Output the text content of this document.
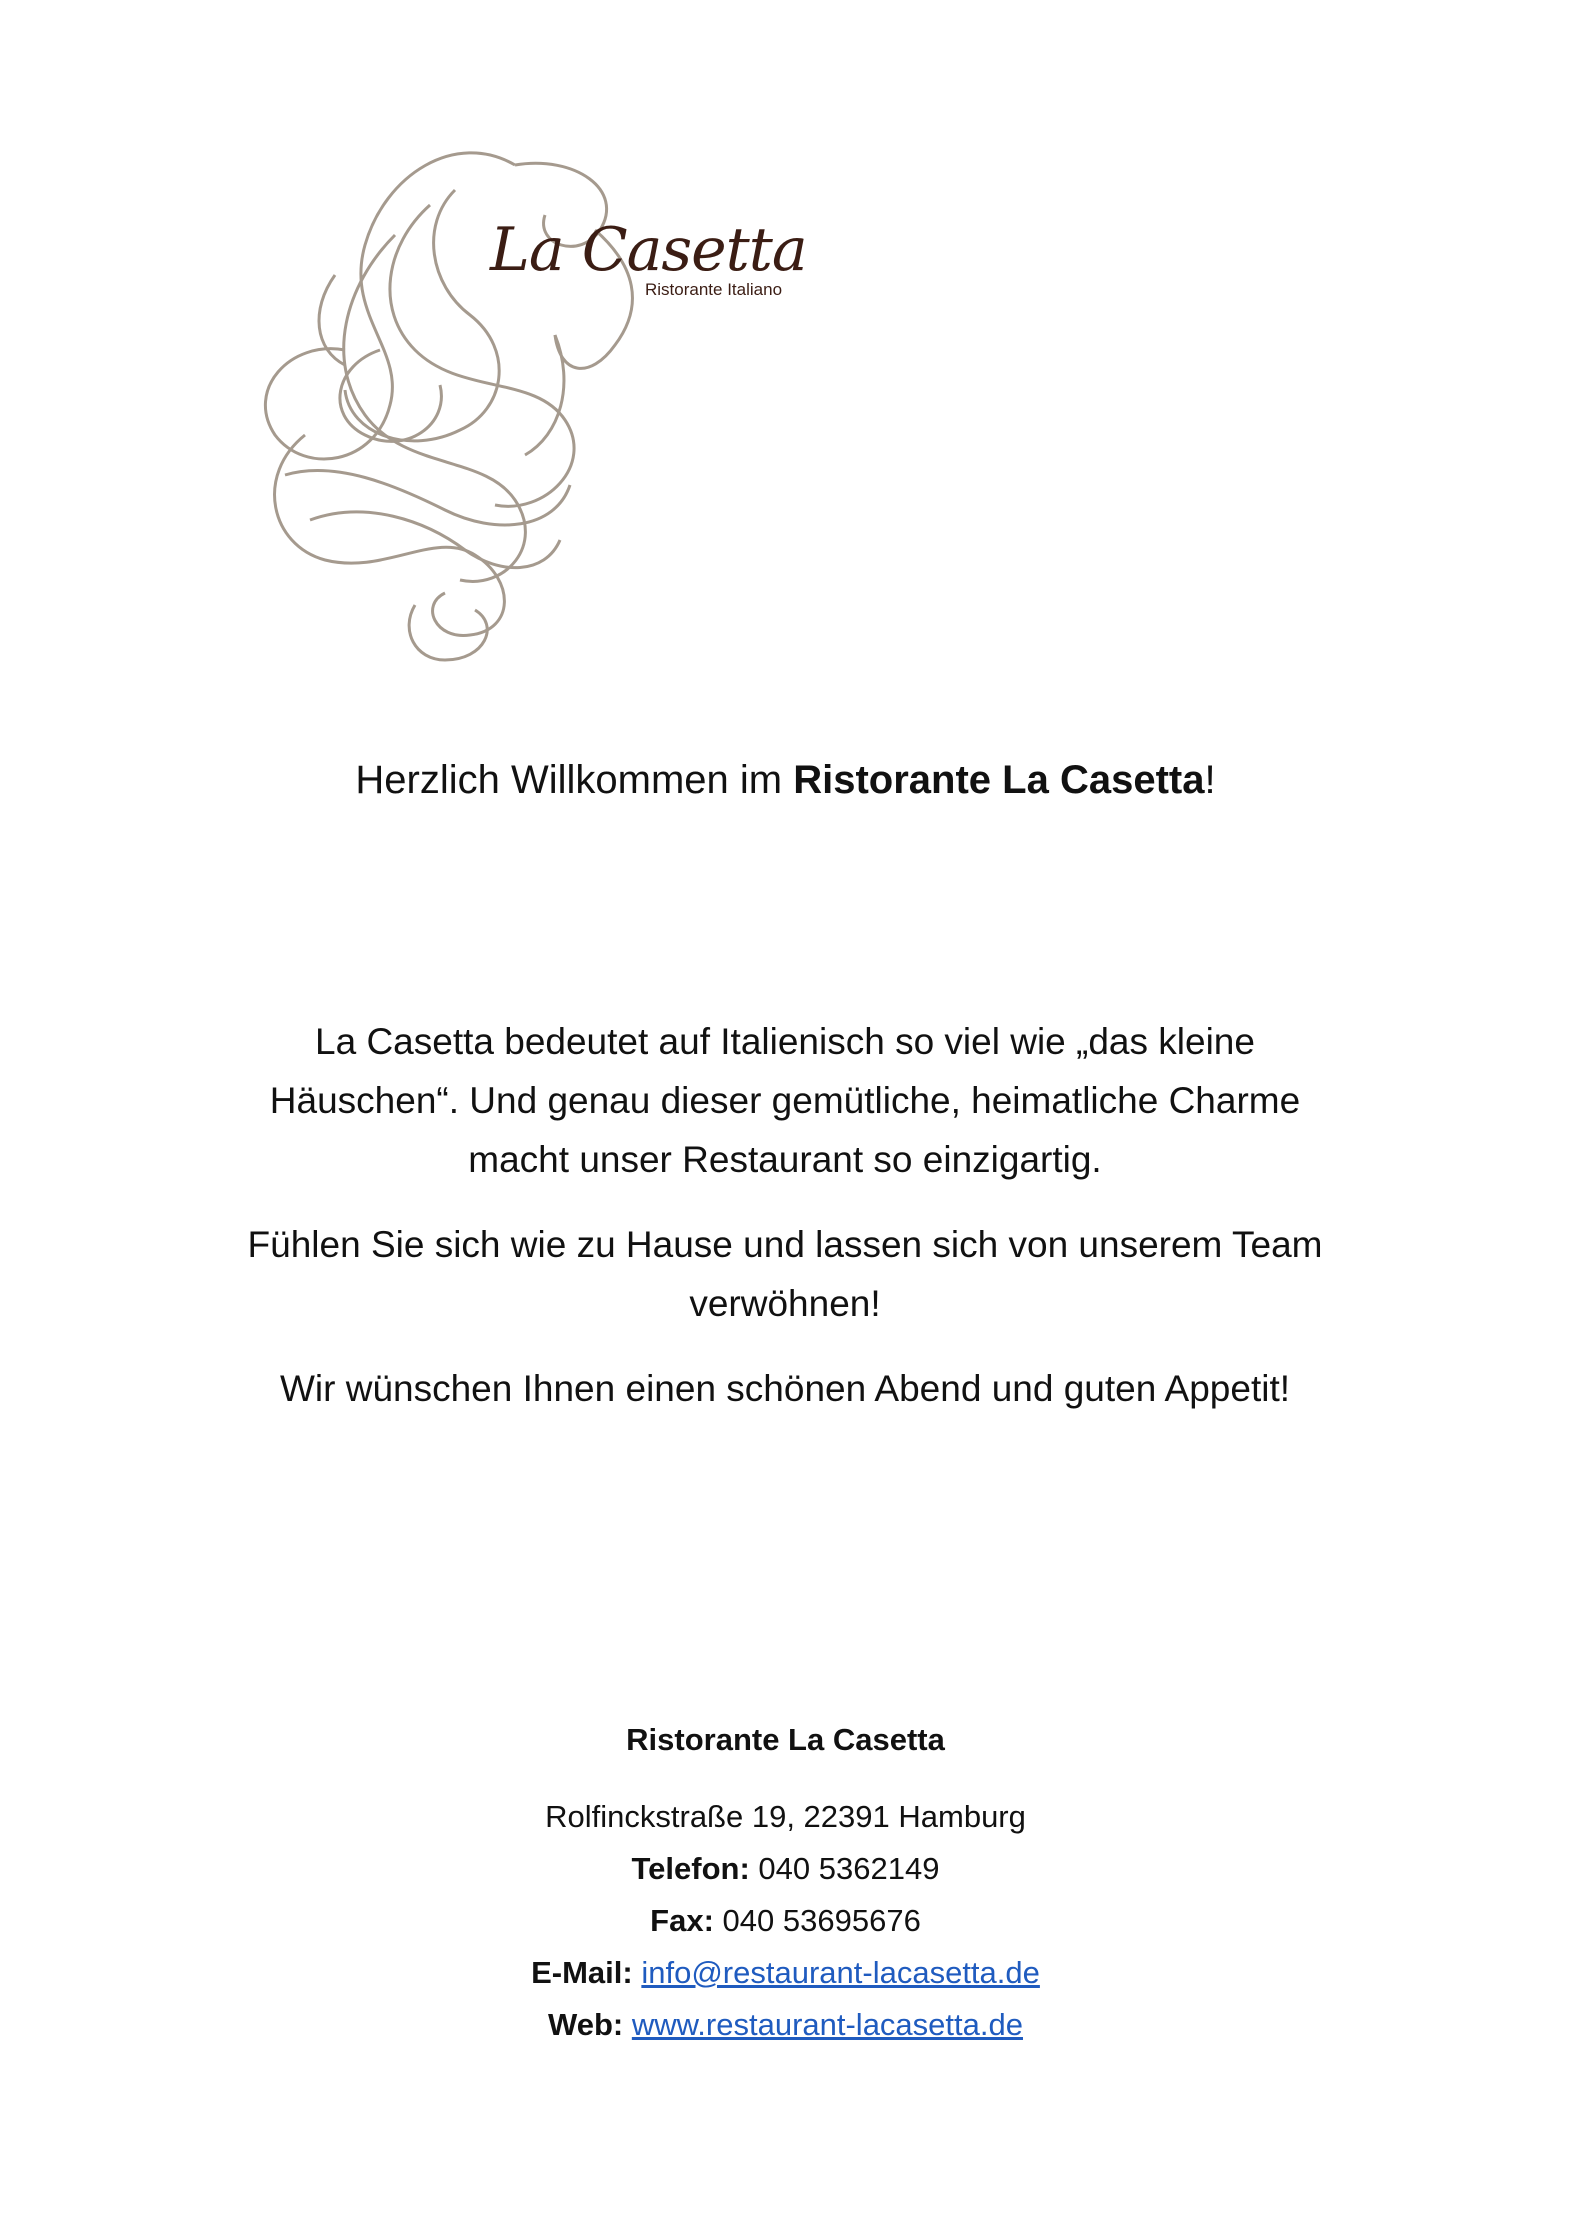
La Casetta
Ristorante Italiano
Herzlich Willkommen im Ristorante La Casetta!

La Casetta bedeutet auf Italienisch so viel wie „das kleine Häuschen“. Und genau dieser gemütliche, heimatliche Charme macht unser Restaurant so einzigartig.

Fühlen Sie sich wie zu Hause und lassen sich von unserem Team verwöhnen!

Wir wünschen Ihnen einen schönen Abend und guten Appetit!

Ristorante La Casetta
Rolfinckstraße 19, 22391 Hamburg
Telefon: 040 5362149
Fax: 040 53695676
E-Mail: info@restaurant-lacasetta.de
Web: www.restaurant-lacasetta.de
